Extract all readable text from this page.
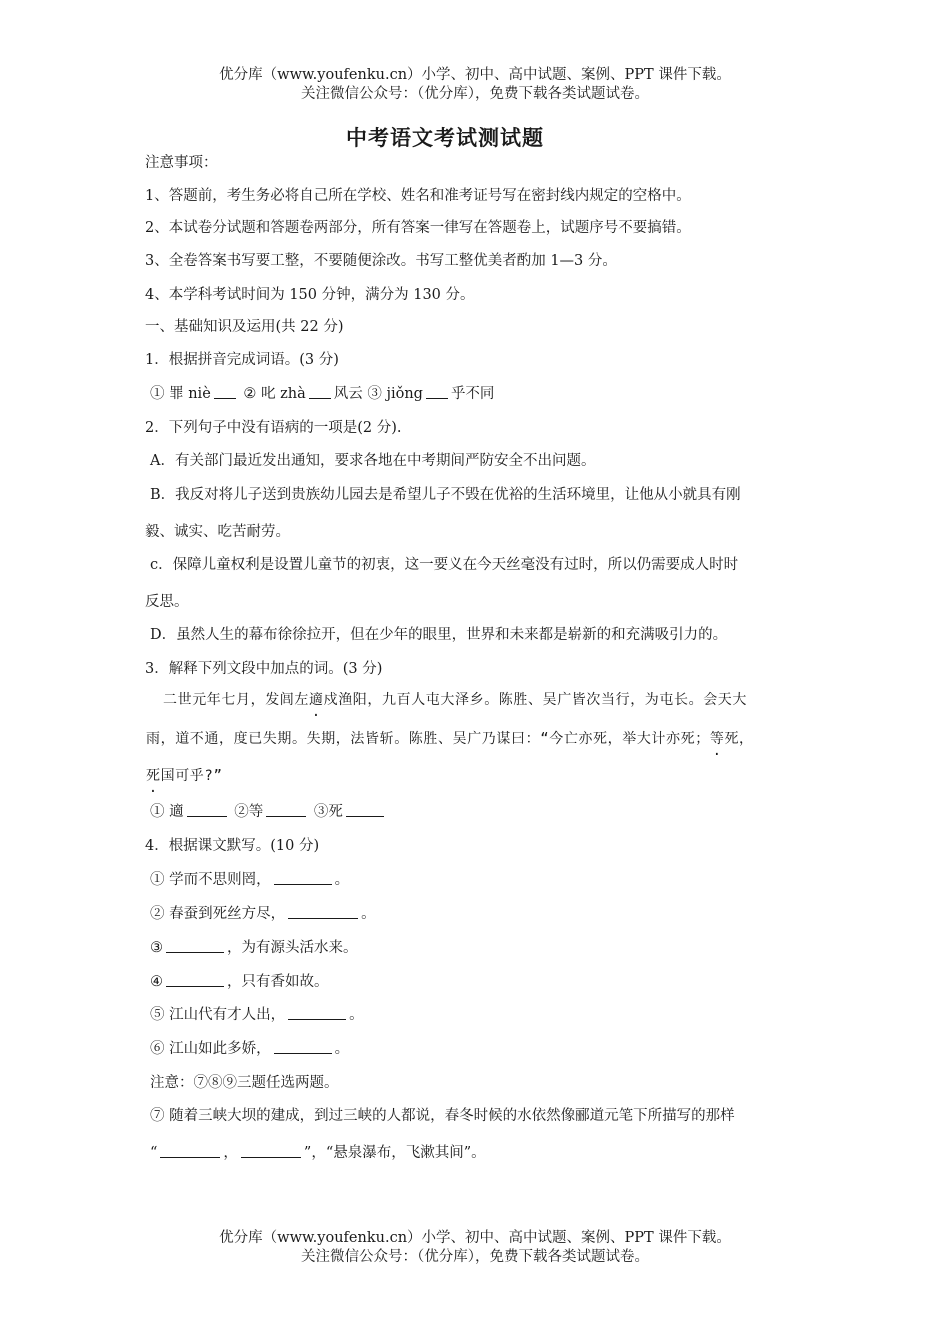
优分库（www.youfenku.cn）小学、初中、高中试题、案例、PPT 课件下载。
关注微信公众号：（优分库），免费下载各类试题试卷。
中考语文考试测试题
注意事项：
1、答题前，考生务必将自己所在学校、姓名和准考证号写在密封线内规定的空格中。
2、本试卷分试题和答题卷两部分，所有答案一律写在答题卷上，试题序号不要搞错。
3、全卷答案书写要工整，不要随便涂改。书写工整优美者酌加 1—3 分。
4、本学科考试时间为 150 分钟，满分为 130 分。
一、基础知识及运用(共 22 分)
1．根据拼音完成词语。(3 分)
① 罪 niè ② 叱 zhà 风云 ③ jiǒng 乎不同
2．下列句子中没有语病的一项是(2 分).
A．有关部门最近发出通知，要求各地在中考期间严防安全不出问题。
B．我反对将儿子送到贵族幼儿园去是希望儿子不毁在优裕的生活环境里，让他从小就具有刚
毅、诚实、吃苦耐劳。
c．保障儿童权利是设置儿童节的初衷，这一要义在今天丝毫没有过时，所以仍需要成人时时
反思。
D．虽然人生的幕布徐徐拉开，但在少年的眼里，世界和未来都是崭新的和充满吸引力的。
3．解释下列文段中加点的词。(3 分)
二世元年七月，发闾左適戍渔阳，九百人屯大泽乡。陈胜、吴广皆次当行，为屯长。会天大
雨，道不通，度已失期。失期，法皆斩。陈胜、吴广乃谋曰：“今亡亦死，举大计亦死；等死，
死国可乎?”
① 適	②等	③死
4．根据课文默写。(10 分)
① 学而不思则罔，	。
② 春蚕到死丝方尽，	。
③	，为有源头活水来。
④	，只有香如故。
⑤ 江山代有才人出，	。
⑥ 江山如此多娇，	。
注意：⑦⑧⑨三题任选两题。
⑦ 随着三峡大坝的建成，到过三峡的人都说，春冬时候的水依然像郦道元笔下所描写的那样
“	，	”，“悬泉瀑布，飞漱其间”。
优分库（www.youfenku.cn）小学、初中、高中试题、案例、PPT 课件下载。
关注微信公众号：（优分库），免费下载各类试题试卷。
